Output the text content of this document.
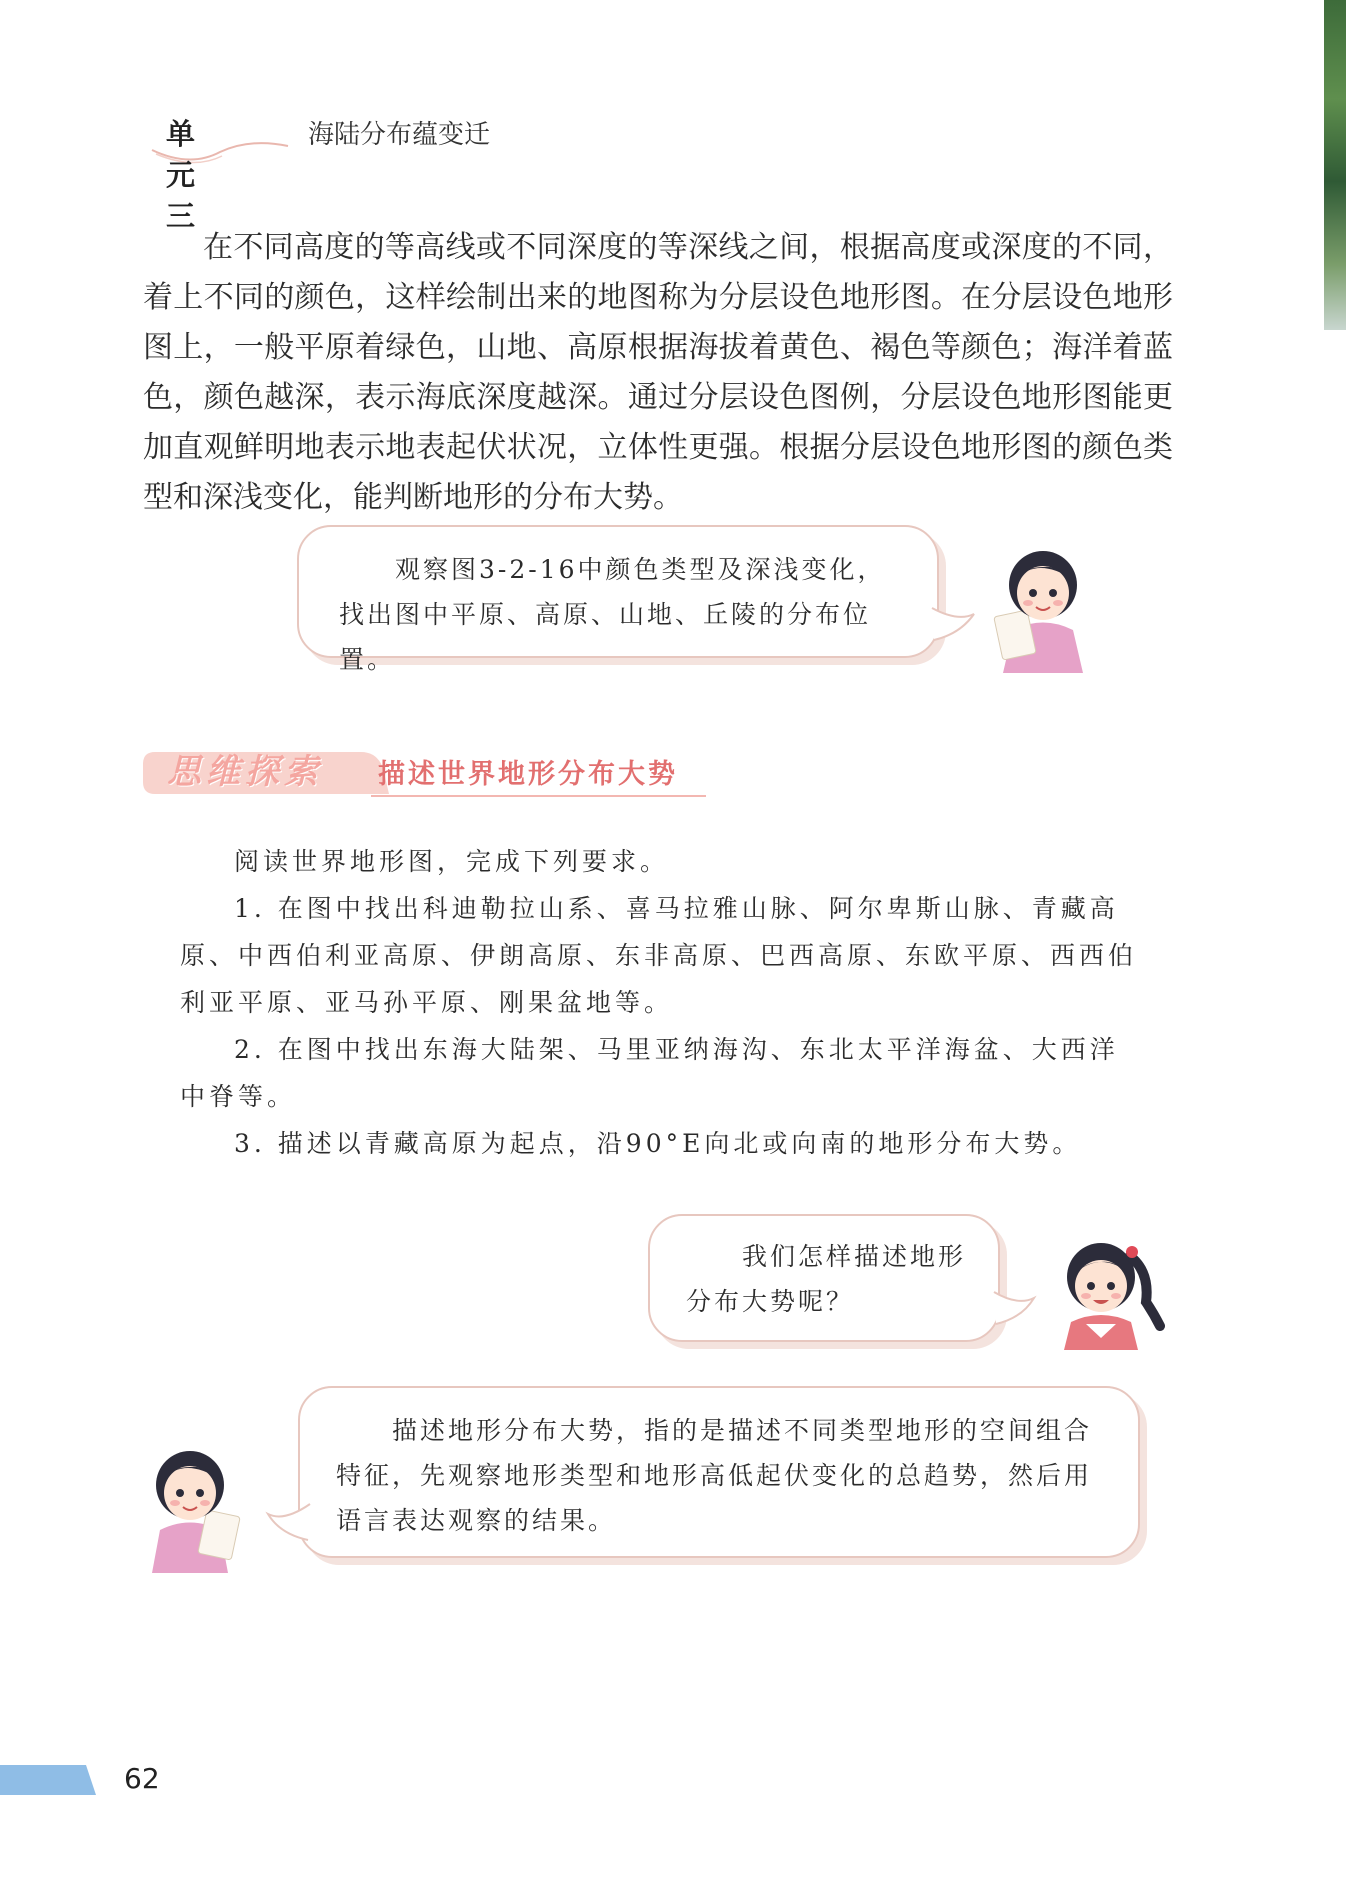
单元三
海陆分布蕴变迁

在不同高度的等高线或不同深度的等深线之间，根据高度或深度的不同，着上不同的颜色，这样绘制出来的地图称为分层设色地形图。在分层设色地形图上，一般平原着绿色，山地、高原根据海拔着黄色、褐色等颜色；海洋着蓝色，颜色越深，表示海底深度越深。通过分层设色图例，分层设色地形图能更加直观鲜明地表示地表起伏状况，立体性更强。根据分层设色地形图的颜色类型和深浅变化，能判断地形的分布大势。

观察图3-2-16中颜色类型及深浅变化，找出图中平原、高原、山地、丘陵的分布位置。

思维探索 描述世界地形分布大势

阅读世界地形图，完成下列要求。

1. 在图中找出科迪勒拉山系、喜马拉雅山脉、阿尔卑斯山脉、青藏高原、中西伯利亚高原、伊朗高原、东非高原、巴西高原、东欧平原、西西伯利亚平原、亚马孙平原、刚果盆地等。

2. 在图中找出东海大陆架、马里亚纳海沟、东北太平洋海盆、大西洋中脊等。

3. 描述以青藏高原为起点，沿90°E向北或向南的地形分布大势。

我们怎样描述地形分布大势呢？

描述地形分布大势，指的是描述不同类型地形的空间组合特征，先观察地形类型和地形高低起伏变化的总趋势，然后用语言表达观察的结果。

62
